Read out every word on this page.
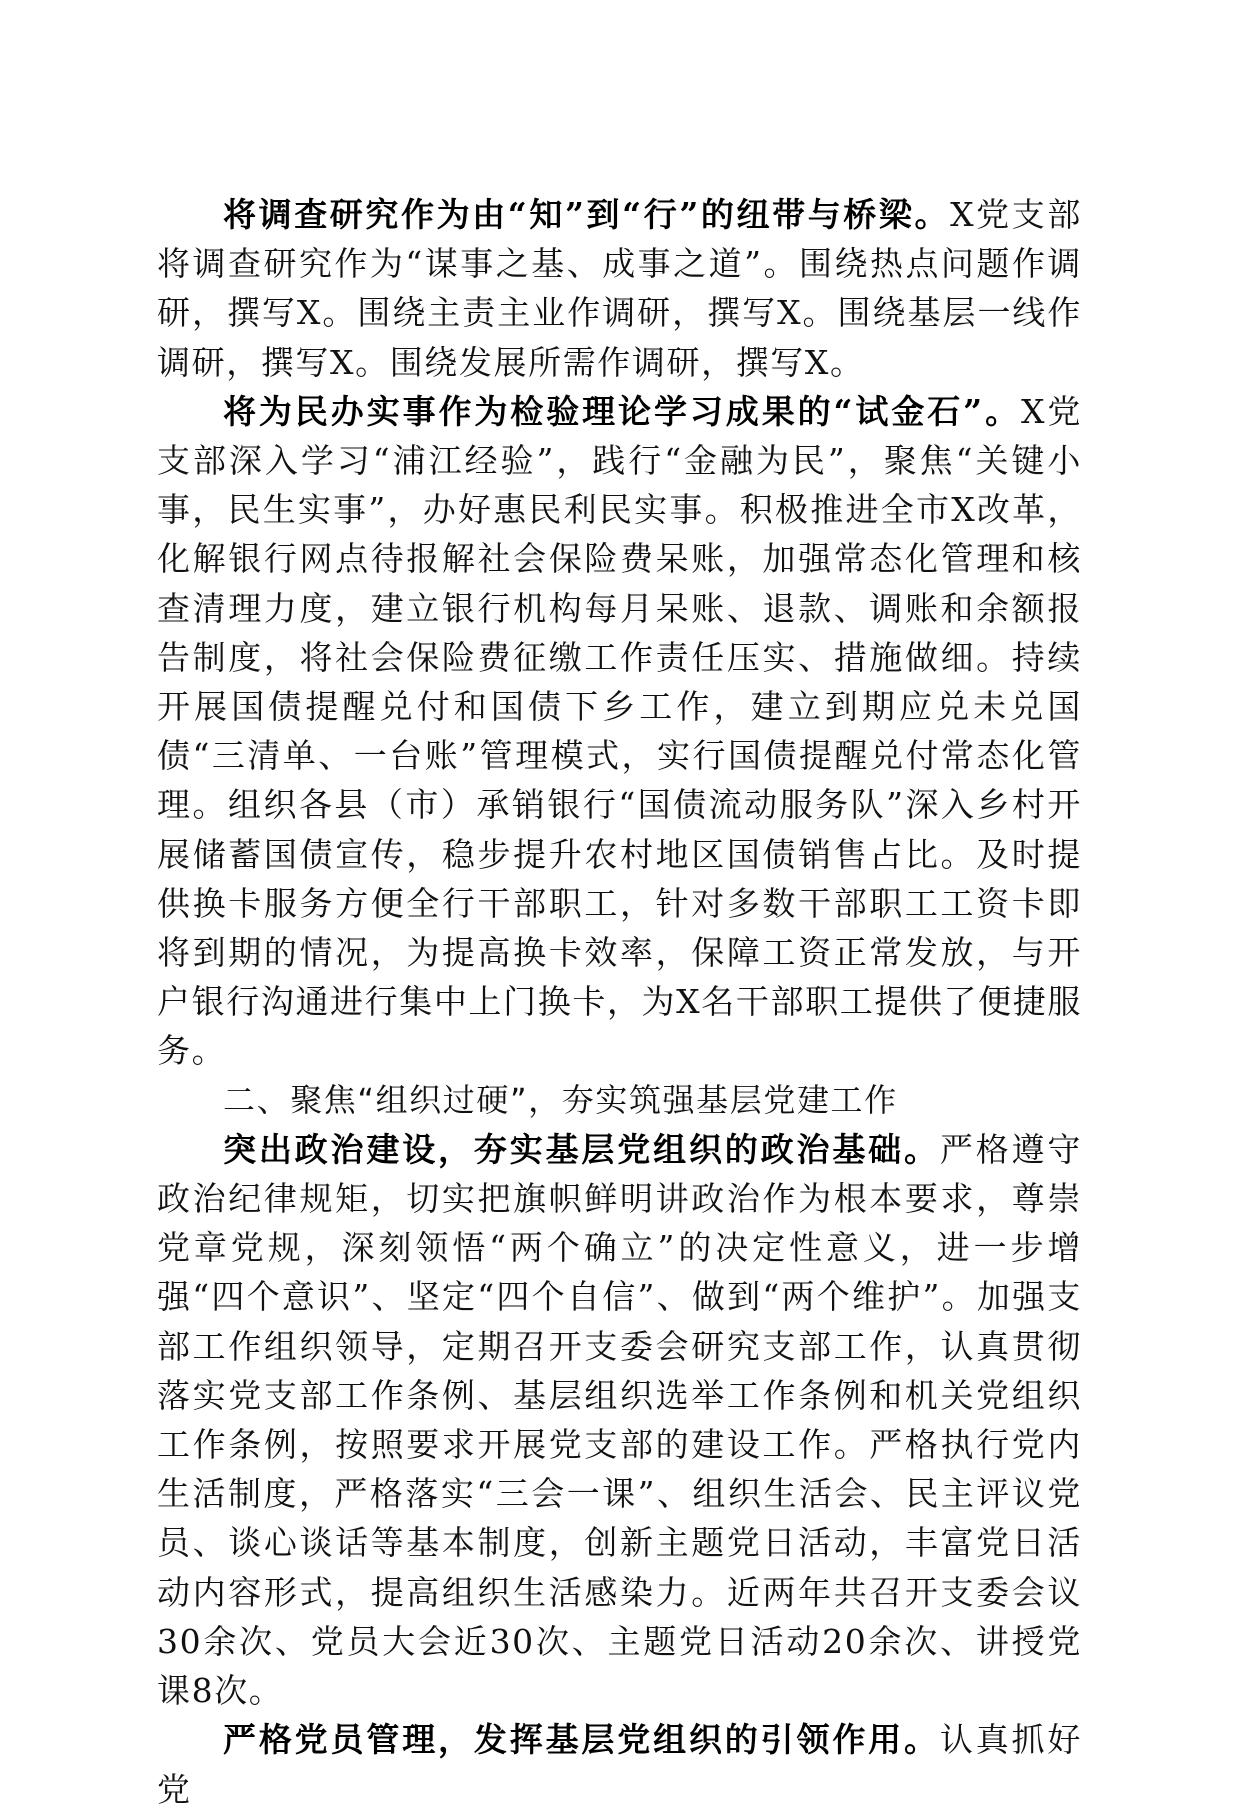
将调查研究作为由“知”到“行”的纽带与桥梁。X党支部将调查研究作为“谋事之基、成事之道”。围绕热点问题作调研，撰写X。围绕主责主业作调研，撰写X。围绕基层一线作调研，撰写X。围绕发展所需作调研，撰写X。

将为民办实事作为检验理论学习成果的“试金石”。X党支部深入学习“浦江经验”，践行“金融为民”，聚焦“关键小事，民生实事”，办好惠民利民实事。积极推进全市X改革，化解银行网点待报解社会保险费呆账，加强常态化管理和核查清理力度，建立银行机构每月呆账、退款、调账和余额报告制度，将社会保险费征缴工作责任压实、措施做细。持续开展国债提醒兑付和国债下乡工作，建立到期应兑未兑国债“三清单、一台账”管理模式，实行国债提醒兑付常态化管理。组织各县（市）承销银行“国债流动服务队”深入乡村开展储蓄国债宣传，稳步提升农村地区国债销售占比。及时提供换卡服务方便全行干部职工，针对多数干部职工工资卡即将到期的情况，为提高换卡效率，保障工资正常发放，与开户银行沟通进行集中上门换卡，为X名干部职工提供了便捷服务。

二、聚焦“组织过硬”，夯实筑强基层党建工作

突出政治建设，夯实基层党组织的政治基础。严格遵守政治纪律规矩，切实把旗帜鲜明讲政治作为根本要求，尊崇党章党规，深刻领悟“两个确立”的决定性意义，进一步增强“四个意识”、坚定“四个自信”、做到“两个维护”。加强支部工作组织领导，定期召开支委会研究支部工作，认真贯彻落实党支部工作条例、基层组织选举工作条例和机关党组织工作条例，按照要求开展党支部的建设工作。严格执行党内生活制度，严格落实“三会一课”、组织生活会、民主评议党员、谈心谈话等基本制度，创新主题党日活动，丰富党日活动内容形式，提高组织生活感染力。近两年共召开支委会议30余次、党员大会近30次、主题党日活动20余次、讲授党课8次。

严格党员管理，发挥基层党组织的引领作用。认真抓好党
